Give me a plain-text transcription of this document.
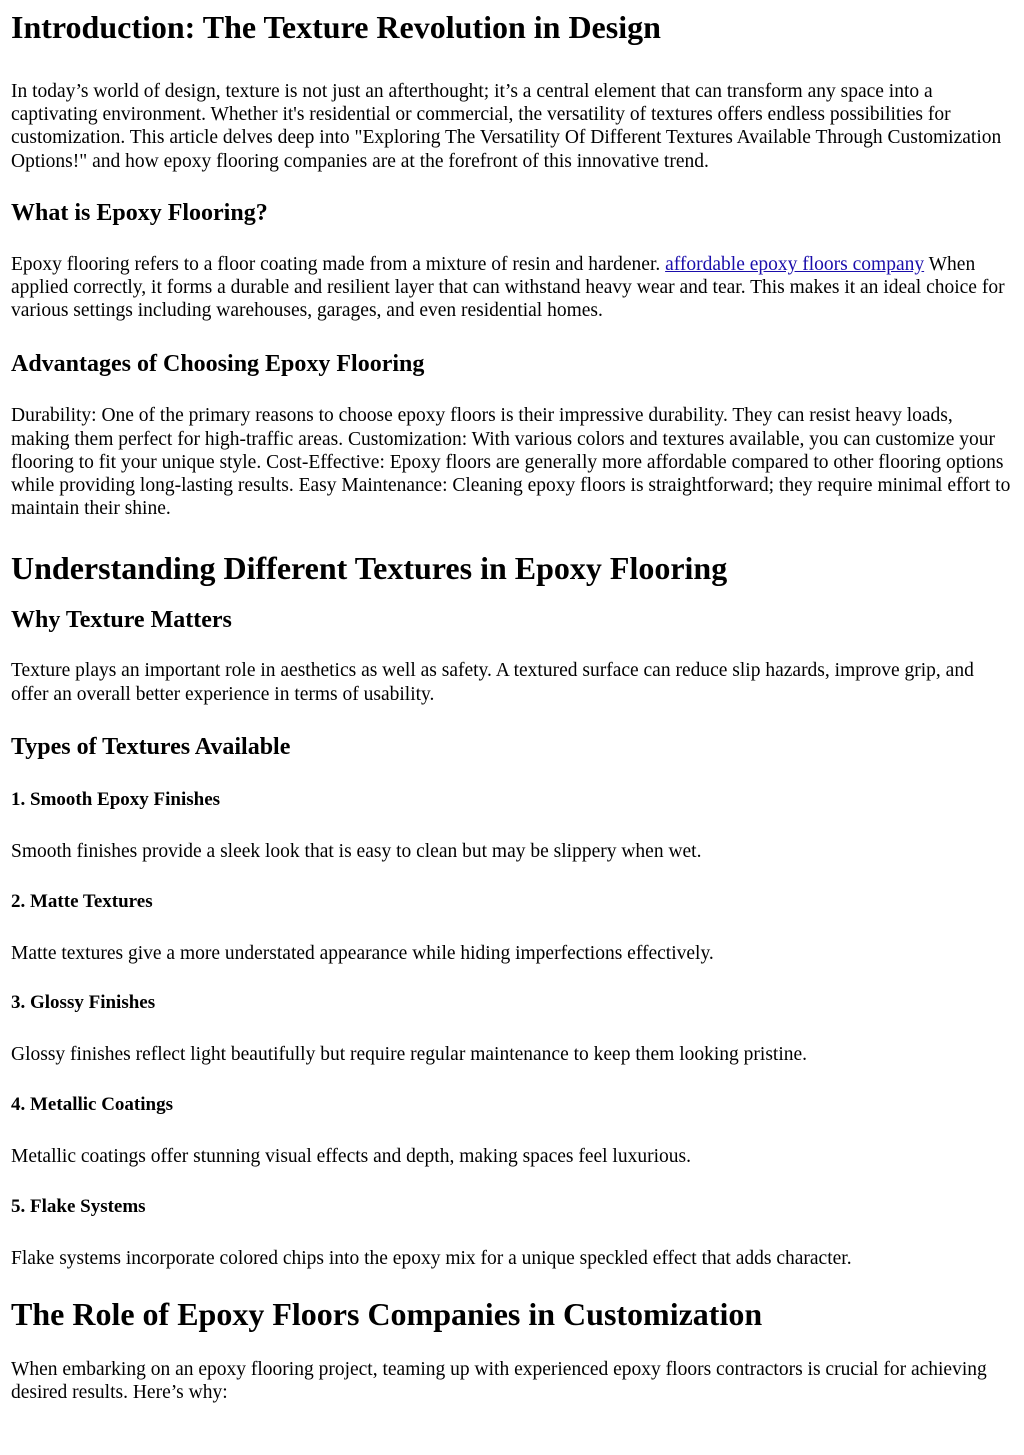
Introduction: The Texture Revolution in Design

In today’s world of design, texture is not just an afterthought; it’s a central element that can transform any space into a captivating environment. Whether it's residential or commercial, the versatility of textures offers endless possibilities for customization. This article delves deep into "Exploring The Versatility Of Different Textures Available Through Customization Options!" and how epoxy flooring companies are at the forefront of this innovative trend.

What is Epoxy Flooring?

Epoxy flooring refers to a floor coating made from a mixture of resin and hardener. affordable epoxy floors company When applied correctly, it forms a durable and resilient layer that can withstand heavy wear and tear. This makes it an ideal choice for various settings including warehouses, garages, and even residential homes.

Advantages of Choosing Epoxy Flooring

Durability: One of the primary reasons to choose epoxy floors is their impressive durability. They can resist heavy loads, making them perfect for high-traffic areas. Customization: With various colors and textures available, you can customize your flooring to fit your unique style. Cost-Effective: Epoxy floors are generally more affordable compared to other flooring options while providing long-lasting results. Easy Maintenance: Cleaning epoxy floors is straightforward; they require minimal effort to maintain their shine.

Understanding Different Textures in Epoxy Flooring
Why Texture Matters

Texture plays an important role in aesthetics as well as safety. A textured surface can reduce slip hazards, improve grip, and offer an overall better experience in terms of usability.

Types of Textures Available
1. Smooth Epoxy Finishes

Smooth finishes provide a sleek look that is easy to clean but may be slippery when wet.

2. Matte Textures

Matte textures give a more understated appearance while hiding imperfections effectively.

3. Glossy Finishes

Glossy finishes reflect light beautifully but require regular maintenance to keep them looking pristine.

4. Metallic Coatings

Metallic coatings offer stunning visual effects and depth, making spaces feel luxurious.

5. Flake Systems

Flake systems incorporate colored chips into the epoxy mix for a unique speckled effect that adds character.

The Role of Epoxy Floors Companies in Customization

When embarking on an epoxy flooring project, teaming up with experienced epoxy floors contractors is crucial for achieving desired results. Here’s why:
